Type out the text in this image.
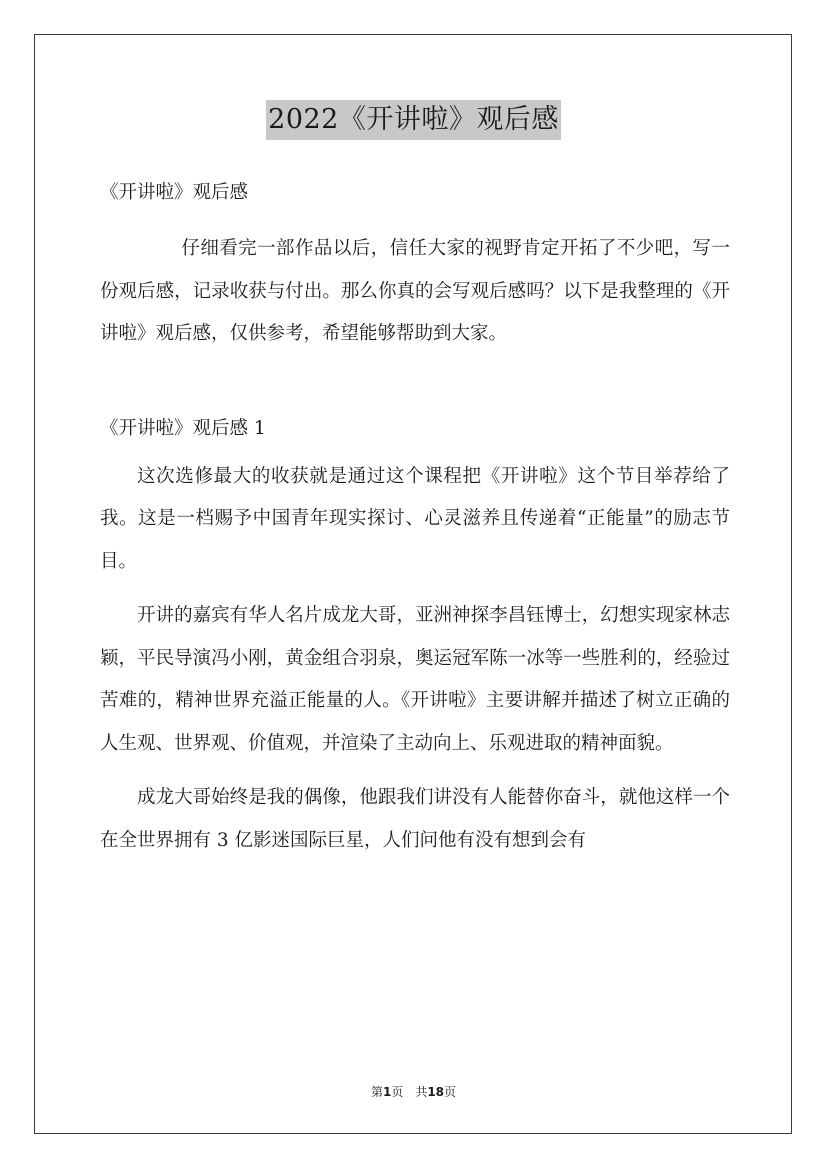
2022《开讲啦》观后感

《开讲啦》观后感

仔细看完一部作品以后，信任大家的视野肯定开拓了不少吧，写一份观后感，记录收获与付出。那么你真的会写观后感吗？以下是我整理的《开讲啦》观后感，仅供参考，希望能够帮助到大家。

《开讲啦》观后感 1

这次选修最大的收获就是通过这个课程把《开讲啦》这个节目举荐给了我。这是一档赐予中国青年现实探讨、心灵滋养且传递着“正能量”的励志节目。

开讲的嘉宾有华人名片成龙大哥，亚洲神探李昌钰博士，幻想实现家林志颖，平民导演冯小刚，黄金组合羽泉，奥运冠军陈一冰等一些胜利的，经验过苦难的，精神世界充溢正能量的人。《开讲啦》主要讲解并描述了树立正确的人生观、世界观、价值观，并渲染了主动向上、乐观进取的精神面貌。

成龙大哥始终是我的偶像，他跟我们讲没有人能替你奋斗，就他这样一个在全世界拥有 3 亿影迷国际巨星，人们问他有没有想到会有

第1页　共18页
